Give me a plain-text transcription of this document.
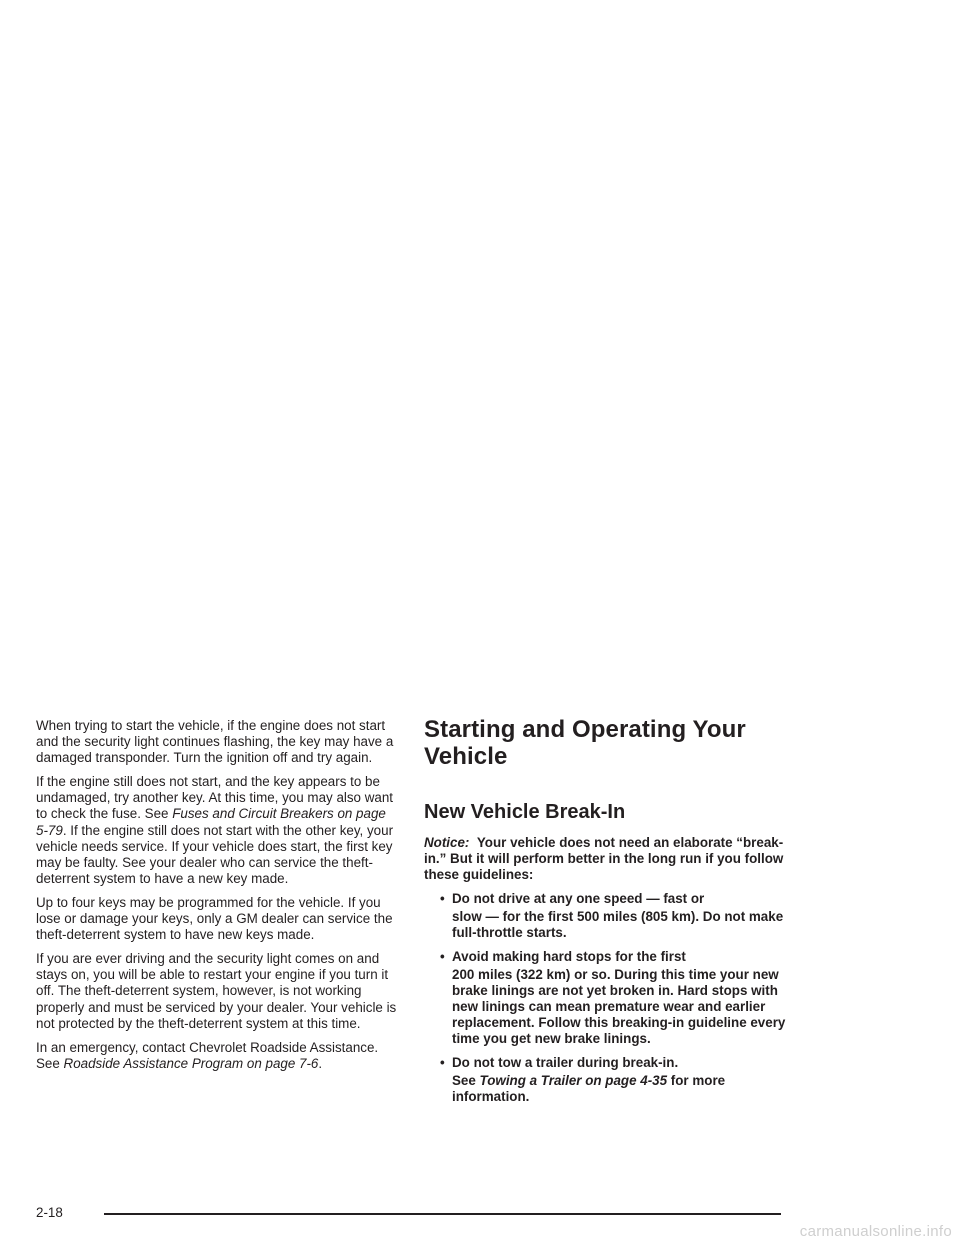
When trying to start the vehicle, if the engine does not start and the security light continues flashing, the key may have a damaged transponder. Turn the ignition off and try again.

If the engine still does not start, and the key appears to be undamaged, try another key. At this time, you may also want to check the fuse. See Fuses and Circuit Breakers on page 5-79. If the engine still does not start with the other key, your vehicle needs service. If your vehicle does start, the first key may be faulty. See your dealer who can service the theft-deterrent system to have a new key made.

Up to four keys may be programmed for the vehicle. If you lose or damage your keys, only a GM dealer can service the theft-deterrent system to have new keys made.

If you are ever driving and the security light comes on and stays on, you will be able to restart your engine if you turn it off. The theft-deterrent system, however, is not working properly and must be serviced by your dealer. Your vehicle is not protected by the theft-deterrent system at this time.

In an emergency, contact Chevrolet Roadside Assistance. See Roadside Assistance Program on page 7-6.

Starting and Operating Your Vehicle
New Vehicle Break-In

Notice: Your vehicle does not need an elaborate “break-in.” But it will perform better in the long run if you follow these guidelines:

• Do not drive at any one speed — fast or
slow — for the first 500 miles (805 km). Do not make full-throttle starts.
• Avoid making hard stops for the first
200 miles (322 km) or so. During this time your new brake linings are not yet broken in. Hard stops with new linings can mean premature wear and earlier replacement. Follow this breaking-in guideline every time you get new brake linings.
• Do not tow a trailer during break-in.
See Towing a Trailer on page 4-35 for more information.
2-18
carmanualsonline.info
